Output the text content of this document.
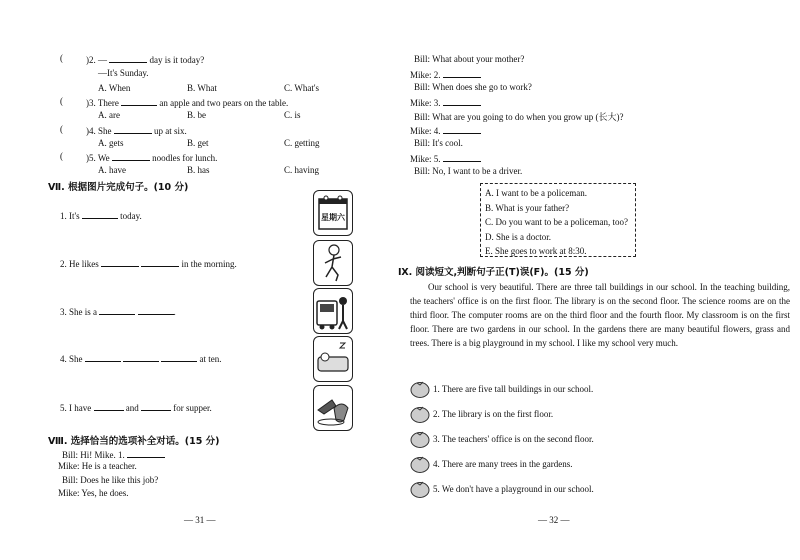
(	)2. —	day is it today?
—It's Sunday.
A. When	B. What	C. What's
(	)3. There	an apple and two pears on the table.
A. are	B. be	C. is
(	)4. She	up at six.
A. gets	B. get	C. getting
(	)5. We	noodles for lunch.
A. have	B. has	C. having
Ⅶ. 根据图片完成句子。(10 分)
1. It's	today.
2. He likes	in the morning.
3. She is a	.
4. She	at ten.
5. I have	and	for supper.
星期六
Ⅷ. 选择恰当的选项补全对话。(15 分)
Bill: Hi! Mike. 1.
Mike: He is a teacher.
Bill: Does he like this job?
Mike: Yes, he does.
— 31 —
Bill: What about your mother?
Mike: 2.
Bill: When does she go to work?
Mike: 3.
Bill: What are you going to do when you grow up (长大)?
Mike: 4.
Bill: It's cool.
Mike: 5.
Bill: No, I want to be a driver.
A. I want to be a policeman.
B. What is your father?
C. Do you want to be a policeman, too?
D. She is a doctor.
E. She goes to work at 8:30.
Ⅸ. 阅读短文,判断句子正(T)误(F)。(15 分)
Our school is very beautiful. There are three tall buildings in our school. In the teaching building, the teachers' office is on the first floor. The library is on the second floor. The science rooms are on the third floor. The computer rooms are on the third floor and the fourth floor. My classroom is on the first floor. There are two gardens in our school. In the gardens there are many beautiful flowers, grass and trees. There is a big playground in my school. I like my school very much.
1. There are five tall buildings in our school.
2. The library is on the first floor.
3. The teachers' office is on the second floor.
4. There are many trees in the gardens.
5. We don't have a playground in our school.
— 32 —
